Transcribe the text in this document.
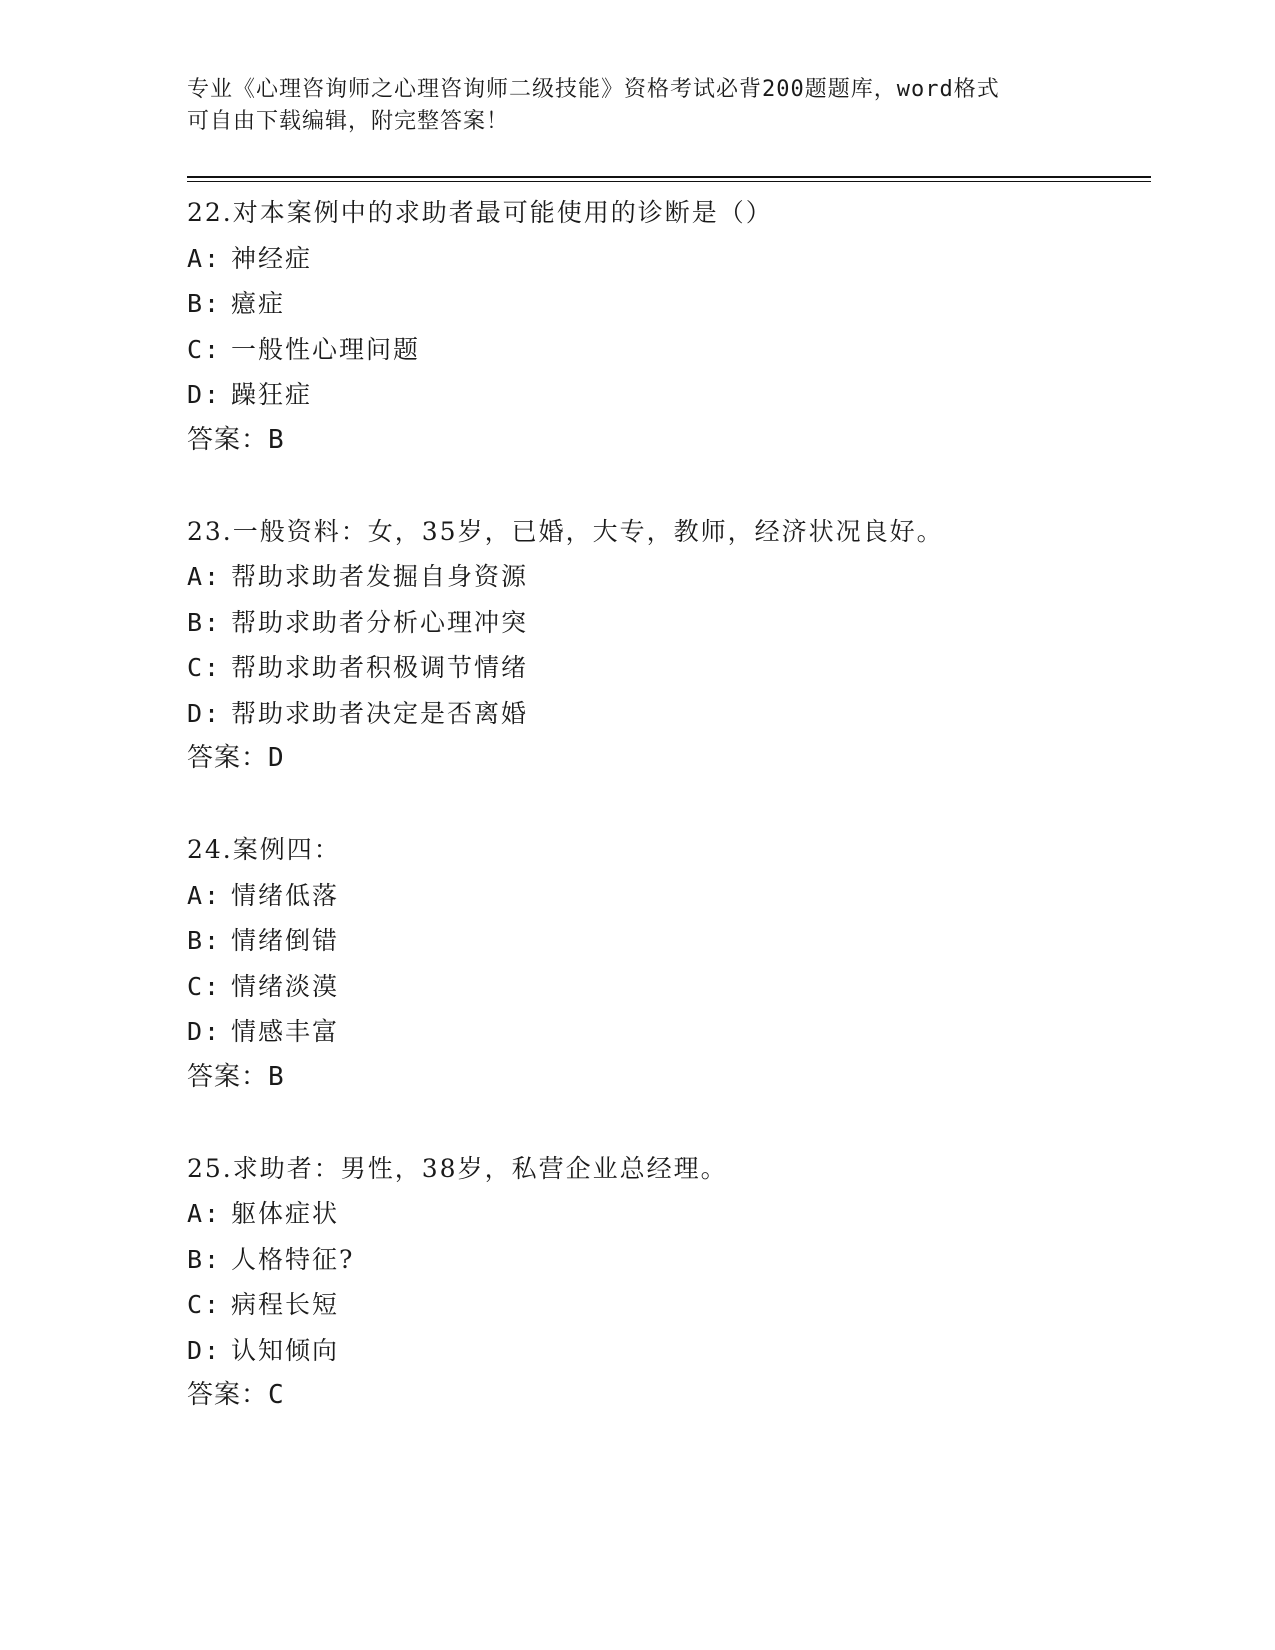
专业《心理咨询师之心理咨询师二级技能》资格考试必背200题题库，word格式
可自由下载编辑，附完整答案！
22.对本案例中的求助者最可能使用的诊断是（）
A: 神经症
B: 癔症
C: 一般性心理问题
D: 躁狂症
答案：B
23.一般资料：女，35岁，已婚，大专，教师，经济状况良好。
A: 帮助求助者发掘自身资源
B: 帮助求助者分析心理冲突
C: 帮助求助者积极调节情绪
D: 帮助求助者决定是否离婚
答案：D
24.案例四：
A: 情绪低落
B: 情绪倒错
C: 情绪淡漠
D: 情感丰富
答案：B
25.求助者：男性，38岁，私营企业总经理。
A: 躯体症状
B: 人格特征?
C: 病程长短
D: 认知倾向
答案：C
